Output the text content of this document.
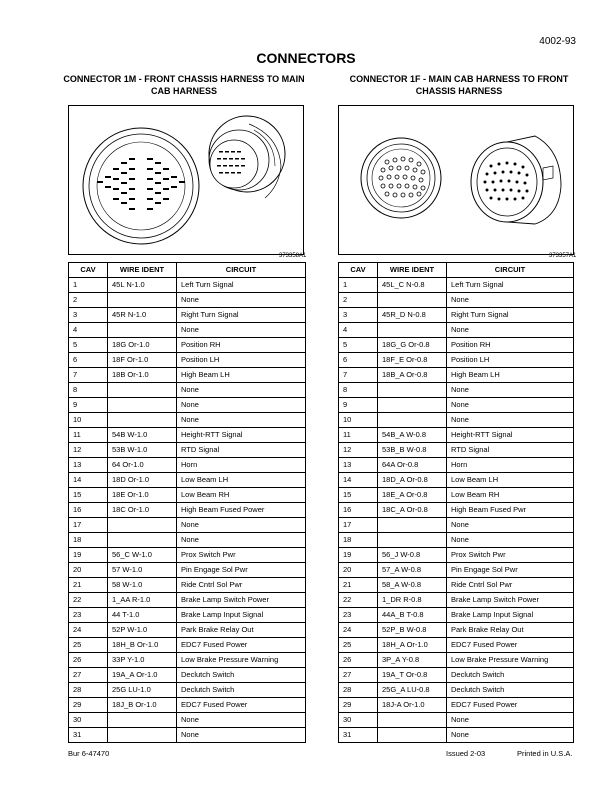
4002-93
CONNECTORS
CONNECTOR 1M - FRONT CHASSIS HARNESS TO MAIN CAB HARNESS
CONNECTOR 1F - MAIN CAB HARNESS TO FRONT CHASSIS HARNESS
373358A1	373357A1
CAV	WIRE IDENT	CIRCUIT
1	45L N-1.0	Left Turn Signal
2		None
3	45R N-1.0	Right Turn Signal
4		None
5	18G Or-1.0	Position RH
6	18F Or-1.0	Position LH
7	18B Or-1.0	High Beam LH
8		None
9		None
10		None
11	54B W-1.0	Height-RTT Signal
12	53B W-1.0	RTD Signal
13	64 Or-1.0	Horn
14	18D Or-1.0	Low Beam LH
15	18E Or-1.0	Low Beam RH
16	18C Or-1.0	High Beam Fused Power
17		None
18		None
19	56_C W-1.0	Prox Switch Pwr
20	57 W-1.0	Pin Engage Sol Pwr
21	58 W-1.0	Ride Cntrl Sol Pwr
22	1_AA R-1.0	Brake Lamp Switch Power
23	44 T-1.0	Brake Lamp Input Signal
24	52P W-1.0	Park Brake Relay Out
25	18H_B Or-1.0	EDC7 Fused Power
26	33P Y-1.0	Low Brake Pressure Warning
27	19A_A Or-1.0	Declutch Switch
28	25G LU-1.0	Declutch Switch
29	18J_B Or-1.0	EDC7 Fused Power
30		None
31		None
CAV	WIRE IDENT	CIRCUIT
1	45L_C N-0.8	Left Turn Signal
2		None
3	45R_D N-0.8	Right Turn Signal
4		None
5	18G_G Or-0.8	Position RH
6	18F_E Or-0.8	Position LH
7	18B_A Or-0.8	High Beam LH
8		None
9		None
10		None
11	54B_A W-0.8	Height-RTT Signal
12	53B_B W-0.8	RTD Signal
13	64A Or-0.8	Horn
14	18D_A Or-0.8	Low Beam LH
15	18E_A Or-0.8	Low Beam RH
16	18C_A Or-0.8	High Beam Fused Pwr
17		None
18		None
19	56_J W-0.8	Prox Switch Pwr
20	57_A W-0.8	Pin Engage Sol Pwr
21	58_A W-0.8	Ride Cntrl Sol Pwr
22	1_DR R-0.8	Brake Lamp Switch Power
23	44A_B T-0.8	Brake Lamp Input Signal
24	52P_B W-0.8	Park Brake Relay Out
25	18H_A Or-1.0	EDC7 Fused Power
26	3P_A Y-0.8	Low Brake Pressure Warning
27	19A_T Or-0.8	Declutch Switch
28	25G_A LU-0.8	Declutch Switch
29	18J-A Or-1.0	EDC7 Fused Power
30		None
31		None
Bur 6-47470	Issued 2-03	Printed in U.S.A.
